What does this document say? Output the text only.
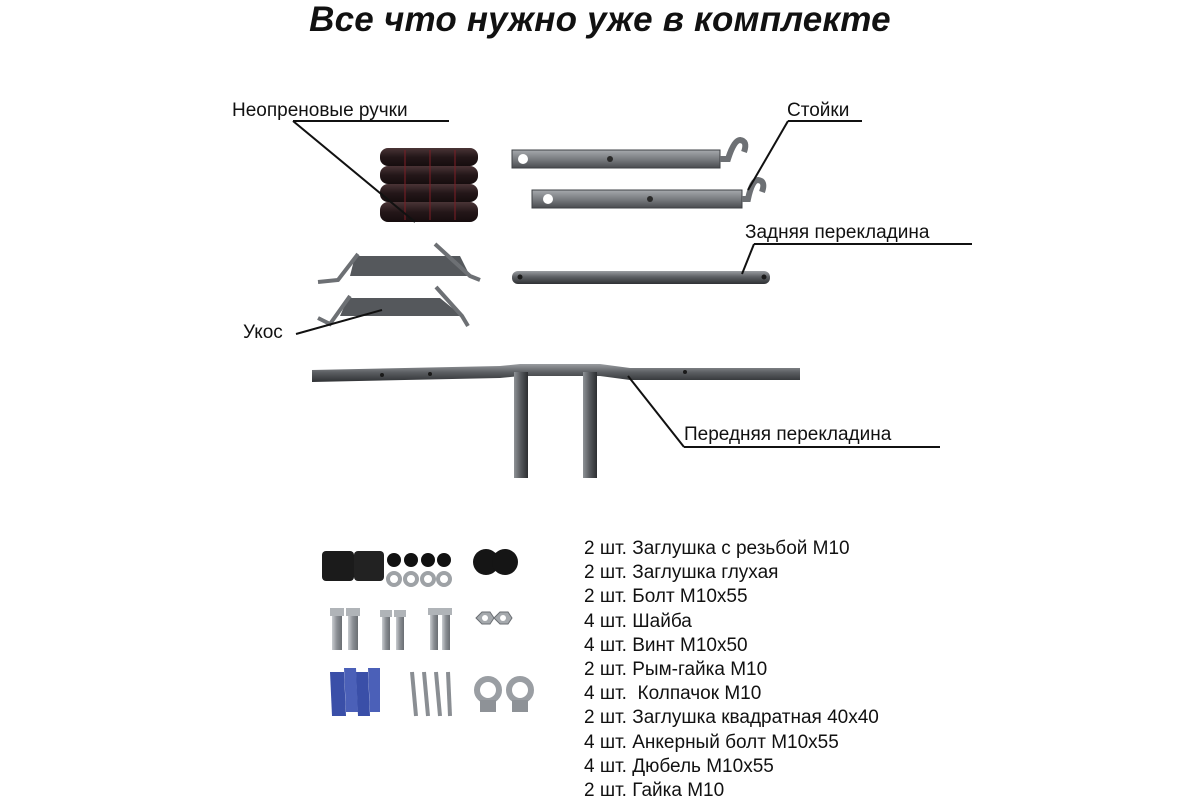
Все что нужно уже в комплекте
Неопреновые ручки	Стойки
Задняя перекладина
Укос
Передняя перекладина
2 шт. Заглушка с резьбой М10
2 шт. Заглушка глухая
2 шт. Болт М10х55
4 шт. Шайба
4 шт. Винт М10х50
2 шт. Рым-гайка М10
4 шт.  Колпачок М10
2 шт. Заглушка квадратная 40х40
4 шт. Анкерный болт М10х55
4 шт. Дюбель М10х55
2 шт. Гайка М10
